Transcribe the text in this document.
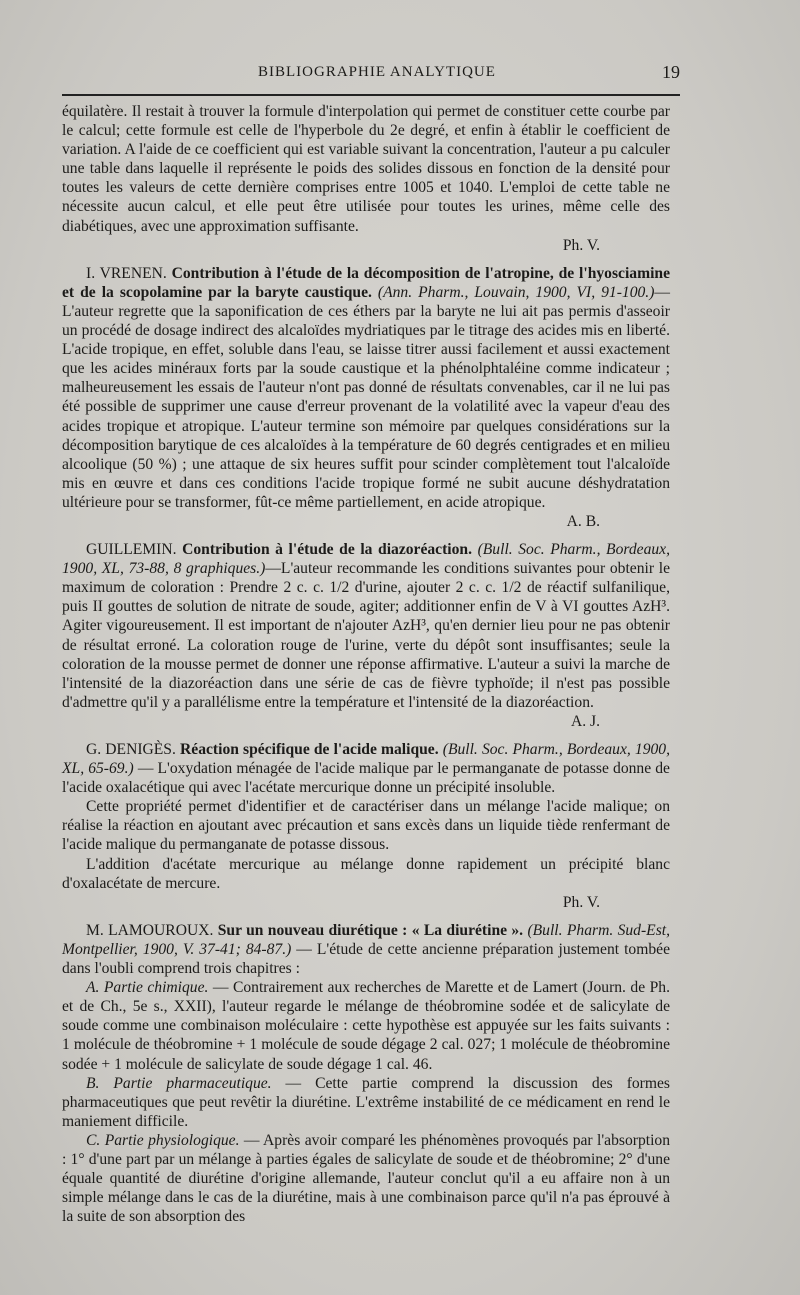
BIBLIOGRAPHIE ANALYTIQUE	19

équilatère. Il restait à trouver la formule d'interpolation qui permet de constituer cette courbe par le calcul; cette formule est celle de l'hyperbole du 2e degré, et enfin à établir le coefficient de variation. A l'aide de ce coefficient qui est variable suivant la concentration, l'auteur a pu calculer une table dans laquelle il représente le poids des solides dissous en fonction de la densité pour toutes les valeurs de cette dernière comprises entre 1005 et 1040. L'emploi de cette table ne nécessite aucun calcul, et elle peut être utilisée pour toutes les urines, même celle des diabétiques, avec une approximation suffisante.

Ph. V.

I. VRENEN. Contribution à l'étude de la décomposition de l'atropine, de l'hyosciamine et de la scopolamine par la baryte caustique. (Ann. Pharm., Louvain, 1900, VI, 91-100.)—L'auteur regrette que la saponification de ces éthers par la baryte ne lui ait pas permis d'asseoir un procédé de dosage indirect des alcaloïdes mydriatiques par le titrage des acides mis en liberté. L'acide tropique, en effet, soluble dans l'eau, se laisse titrer aussi facilement et aussi exactement que les acides minéraux forts par la soude caustique et la phénolphtaléine comme indicateur ; malheureusement les essais de l'auteur n'ont pas donné de résultats convenables, car il ne lui pas été possible de supprimer une cause d'erreur provenant de la volatilité avec la vapeur d'eau des acides tropique et atropique. L'auteur termine son mémoire par quelques considérations sur la décomposition barytique de ces alcaloïdes à la température de 60 degrés centigrades et en milieu alcoolique (50 %) ; une attaque de six heures suffit pour scinder complètement tout l'alcaloïde mis en œuvre et dans ces conditions l'acide tropique formé ne subit aucune déshydratation ultérieure pour se transformer, fût-ce même partiellement, en acide atropique.

A. B.

GUILLEMIN. Contribution à l'étude de la diazoréaction. (Bull. Soc. Pharm., Bordeaux, 1900, XL, 73-88, 8 graphiques.)—L'auteur recommande les conditions suivantes pour obtenir le maximum de coloration : Prendre 2 c. c. 1/2 d'urine, ajouter 2 c. c. 1/2 de réactif sulfanilique, puis II gouttes de solution de nitrate de soude, agiter; additionner enfin de V à VI gouttes AzH³. Agiter vigoureusement. Il est important de n'ajouter AzH³, qu'en dernier lieu pour ne pas obtenir de résultat erroné. La coloration rouge de l'urine, verte du dépôt sont insuffisantes; seule la coloration de la mousse permet de donner une réponse affirmative. L'auteur a suivi la marche de l'intensité de la diazoréaction dans une série de cas de fièvre typhoïde; il n'est pas possible d'admettre qu'il y a parallélisme entre la température et l'intensité de la diazoréaction.

A. J.

G. DENIGÈS. Réaction spécifique de l'acide malique. (Bull. Soc. Pharm., Bordeaux, 1900, XL, 65-69.) — L'oxydation ménagée de l'acide malique par le permanganate de potasse donne de l'acide oxalacétique qui avec l'acétate mercurique donne un précipité insoluble.

Cette propriété permet d'identifier et de caractériser dans un mélange l'acide malique; on réalise la réaction en ajoutant avec précaution et sans excès dans un liquide tiède renfermant de l'acide malique du permanganate de potasse dissous.

L'addition d'acétate mercurique au mélange donne rapidement un précipité blanc d'oxalacétate de mercure.

Ph. V.

M. LAMOUROUX. Sur un nouveau diurétique : « La diurétine ». (Bull. Pharm. Sud-Est, Montpellier, 1900, V. 37-41; 84-87.) — L'étude de cette ancienne préparation justement tombée dans l'oubli comprend trois chapitres :

A. Partie chimique. — Contrairement aux recherches de Marette et de Lamert (Journ. de Ph. et de Ch., 5e s., XXII), l'auteur regarde le mélange de théobromine sodée et de salicylate de soude comme une combinaison moléculaire : cette hypothèse est appuyée sur les faits suivants : 1 molécule de théobromine + 1 molécule de soude dégage 2 cal. 027; 1 molécule de théobromine sodée + 1 molécule de salicylate de soude dégage 1 cal. 46.

B. Partie pharmaceutique. — Cette partie comprend la discussion des formes pharmaceutiques que peut revêtir la diurétine. L'extrême instabilité de ce médicament en rend le maniement difficile.

C. Partie physiologique. — Après avoir comparé les phénomènes provoqués par l'absorption : 1° d'une part par un mélange à parties égales de salicylate de soude et de théobromine; 2° d'une équale quantité de diurétine d'origine allemande, l'auteur conclut qu'il a eu affaire non à un simple mélange dans le cas de la diurétine, mais à une combinaison parce qu'il n'a pas éprouvé à la suite de son absorption des
